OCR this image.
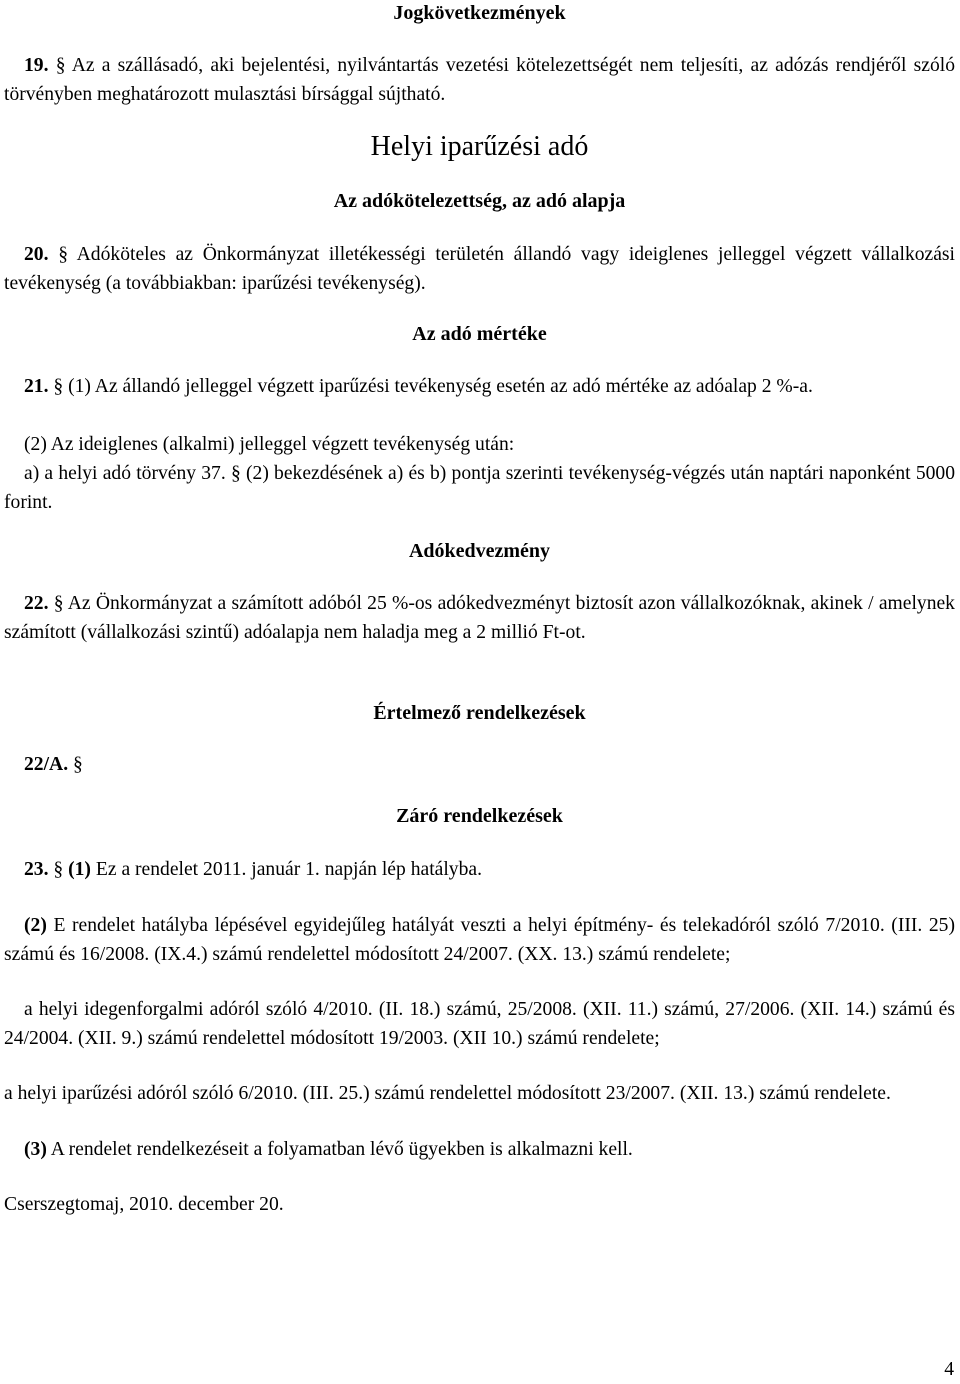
Jogkövetkezmények

19. § Az a szállásadó, aki bejelentési, nyilvántartás vezetési kötelezettségét nem teljesíti, az adózás rendjéről szóló törvényben meghatározott mulasztási bírsággal sújtható.

Helyi iparűzési adó
Az adókötelezettség, az adó alapja

20. § Adóköteles az Önkormányzat illetékességi területén állandó vagy ideiglenes jelleggel végzett vállalkozási tevékenység (a továbbiakban: iparűzési tevékenység).

Az adó mértéke

21. § (1) Az állandó jelleggel végzett iparűzési tevékenység esetén az adó mértéke az adóalap 2 %-a.

(2) Az ideiglenes (alkalmi) jelleggel végzett tevékenység után:

a) a helyi adó törvény 37. § (2) bekezdésének a) és b) pontja szerinti tevékenység-végzés után naptári naponként 5000 forint.

Adókedvezmény

22. § Az Önkormányzat a számított adóból 25 %-os adókedvezményt biztosít azon vállalkozóknak, akinek / amelynek számított (vállalkozási szintű) adóalapja nem haladja meg a 2 millió Ft-ot.

Értelmező rendelkezések

22/A. §

Záró rendelkezések

23. § (1) Ez a rendelet 2011. január 1. napján lép hatályba.

(2) E rendelet hatályba lépésével egyidejűleg hatályát veszti a helyi építmény- és telekadóról szóló 7/2010. (III. 25) számú és 16/2008. (IX.4.) számú rendelettel módosított 24/2007. (XX. 13.) számú rendelete;

a helyi idegenforgalmi adóról szóló 4/2010. (II. 18.) számú, 25/2008. (XII. 11.) számú, 27/2006. (XII. 14.) számú és 24/2004. (XII. 9.) számú rendelettel módosított 19/2003. (XII 10.) számú rendelete;

a helyi iparűzési adóról szóló 6/2010. (III. 25.) számú rendelettel módosított 23/2007. (XII. 13.) számú rendelete.

(3) A rendelet rendelkezéseit a folyamatban lévő ügyekben is alkalmazni kell.

Cserszegtomaj, 2010. december 20.

4
